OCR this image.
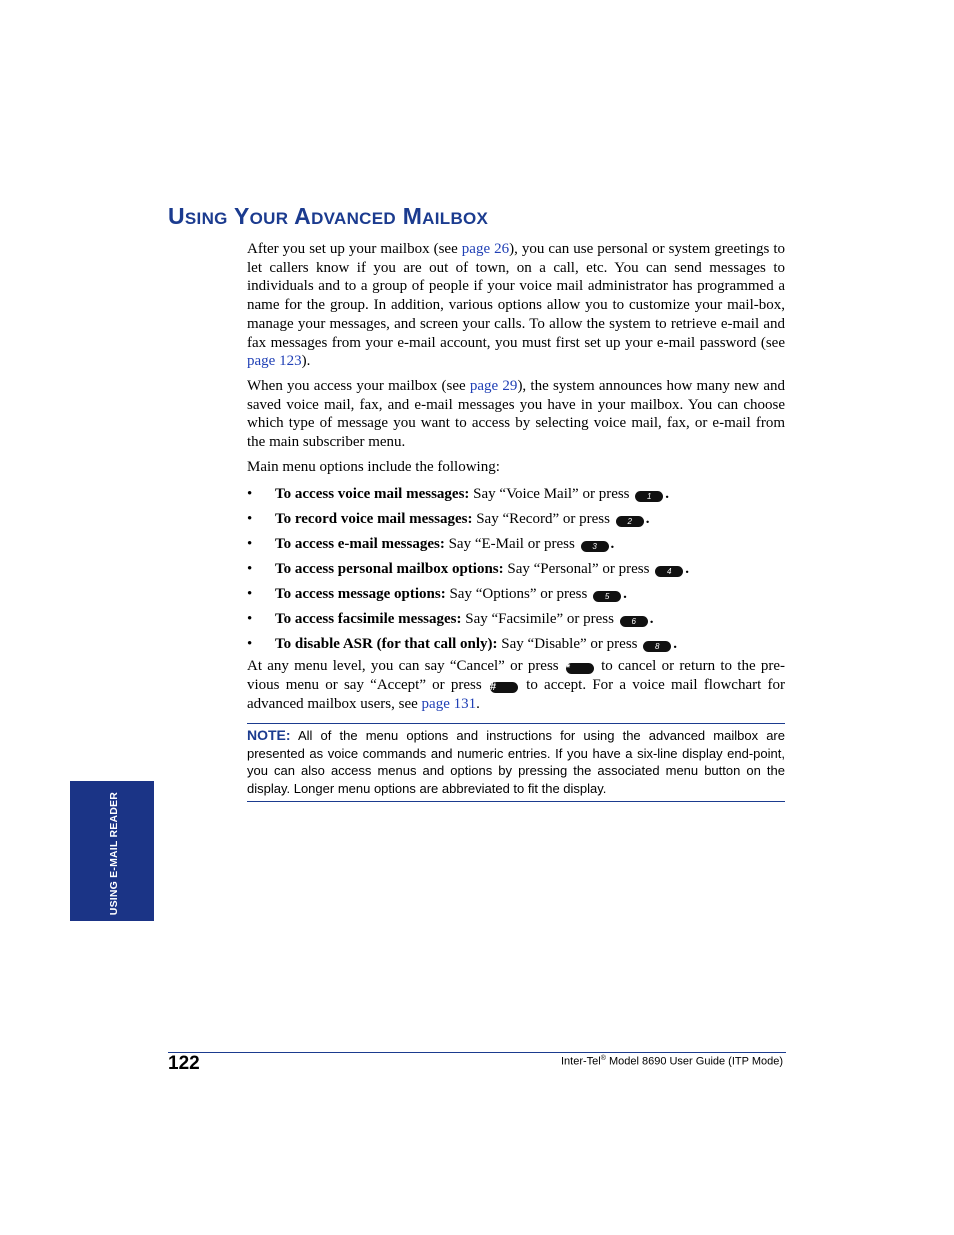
USING YOUR ADVANCED MAILBOX

After you set up your mailbox (see page 26), you can use personal or system greetings to let callers know if you are out of town, on a call, etc. You can send messages to individuals and to a group of people if your voice mail administrator has programmed a name for the group. In addition, various options allow you to customize your mail-box, manage your messages, and screen your calls. To allow the system to retrieve e-mail and fax messages from your e-mail account, you must first set up your e-mail password (see page 123).

When you access your mailbox (see page 29), the system announces how many new and saved voice mail, fax, and e-mail messages you have in your mailbox. You can choose which type of message you want to access by selecting voice mail, fax, or e-mail from the main subscriber menu.

Main menu options include the following:

• To access voice mail messages: Say “Voice Mail” or press 1 .
• To record voice mail messages: Say “Record” or press 2 .
• To access e-mail messages: Say “E-Mail or press 3 .
• To access personal mailbox options: Say “Personal” or press 4 .
• To access message options: Say “Options” or press 5 .
• To access facsimile messages: Say “Facsimile” or press 6 .
• To disable ASR (for that call only): Say “Disable” or press 8 .

At any menu level, you can say “Cancel” or press * to cancel or return to the pre-vious menu or say “Accept” or press # to accept. For a voice mail flowchart for advanced mailbox users, see page 131.

NOTE: All of the menu options and instructions for using the advanced mailbox are presented as voice commands and numeric entries. If you have a six-line display end-point, you can also access menus and options by pressing the associated menu button on the display. Longer menu options are abbreviated to fit the display.
USING E-MAIL READER
122	Inter-Tel® Model 8690 User Guide (ITP Mode)
